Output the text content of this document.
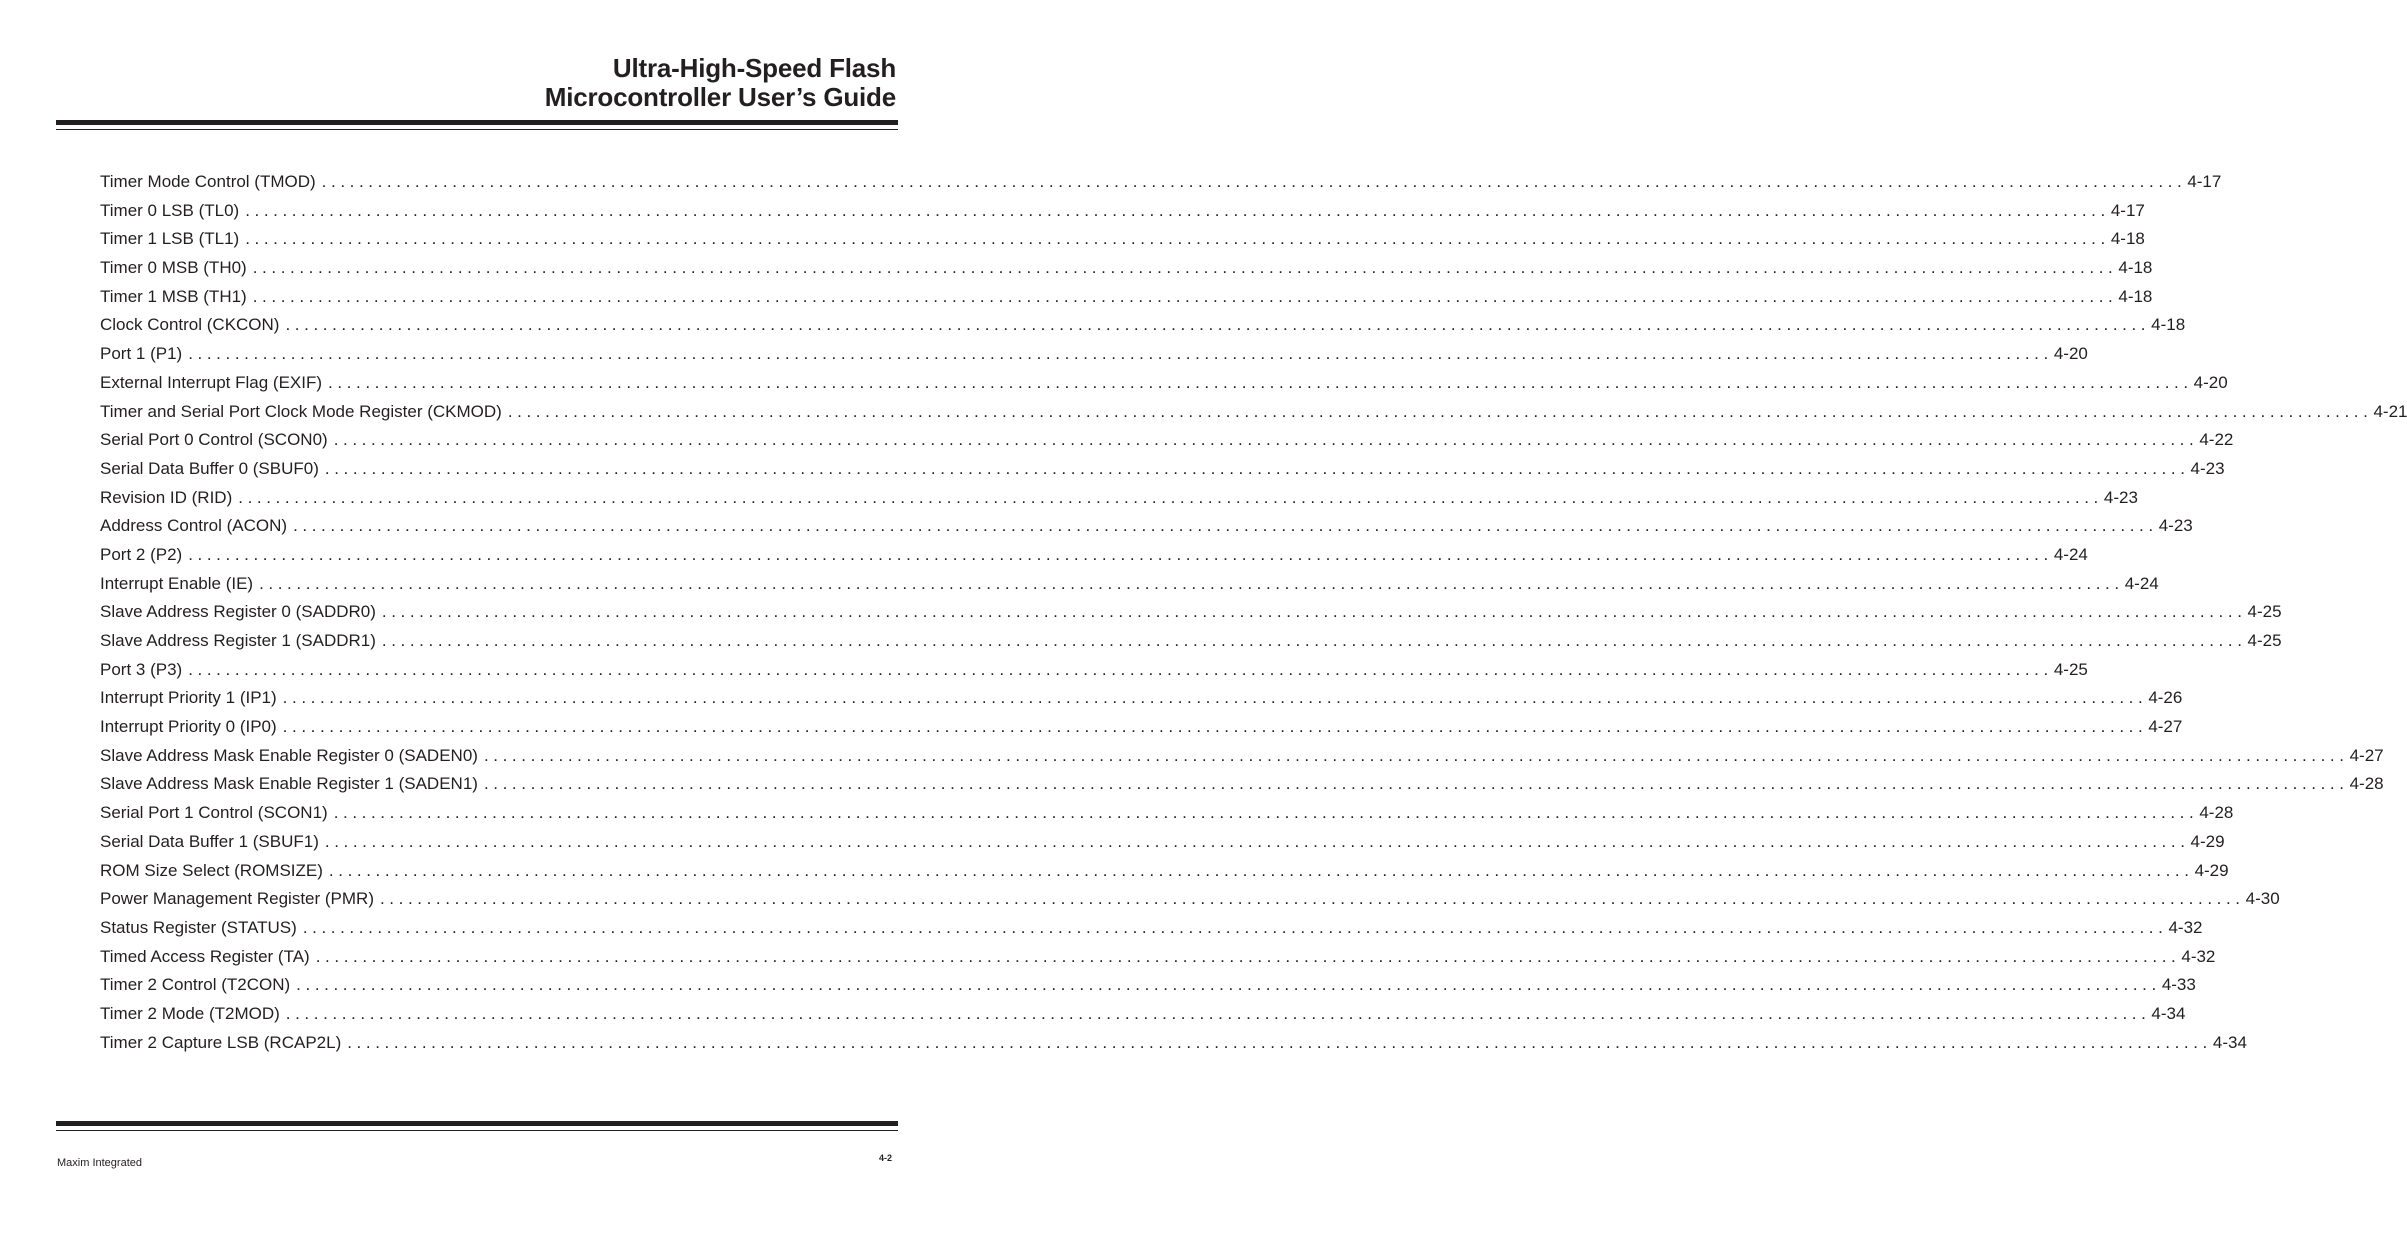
Ultra-High-Speed Flash
Microcontroller User’s Guide
Timer Mode Control (TMOD) ........................................................................................................................................................................................................ 4-17
Timer 0 LSB (TL0) ........................................................................................................................................................................................................ 4-17
Timer 1 LSB (TL1) ........................................................................................................................................................................................................ 4-18
Timer 0 MSB (TH0) ........................................................................................................................................................................................................ 4-18
Timer 1 MSB (TH1) ........................................................................................................................................................................................................ 4-18
Clock Control (CKCON) ........................................................................................................................................................................................................ 4-18
Port 1 (P1) ........................................................................................................................................................................................................ 4-20
External Interrupt Flag (EXIF) ........................................................................................................................................................................................................ 4-20
Timer and Serial Port Clock Mode Register (CKMOD) ........................................................................................................................................................................................................ 4-21
Serial Port 0 Control (SCON0) ........................................................................................................................................................................................................ 4-22
Serial Data Buffer 0 (SBUF0) ........................................................................................................................................................................................................ 4-23
Revision ID (RID) ........................................................................................................................................................................................................ 4-23
Address Control (ACON) ........................................................................................................................................................................................................ 4-23
Port 2 (P2) ........................................................................................................................................................................................................ 4-24
Interrupt Enable (IE) ........................................................................................................................................................................................................ 4-24
Slave Address Register 0 (SADDR0) ........................................................................................................................................................................................................ 4-25
Slave Address Register 1 (SADDR1) ........................................................................................................................................................................................................ 4-25
Port 3 (P3) ........................................................................................................................................................................................................ 4-25
Interrupt Priority 1 (IP1) ........................................................................................................................................................................................................ 4-26
Interrupt Priority 0 (IP0) ........................................................................................................................................................................................................ 4-27
Slave Address Mask Enable Register 0 (SADEN0) ........................................................................................................................................................................................................ 4-27
Slave Address Mask Enable Register 1 (SADEN1) ........................................................................................................................................................................................................ 4-28
Serial Port 1 Control (SCON1) ........................................................................................................................................................................................................ 4-28
Serial Data Buffer 1 (SBUF1) ........................................................................................................................................................................................................ 4-29
ROM Size Select (ROMSIZE) ........................................................................................................................................................................................................ 4-29
Power Management Register (PMR) ........................................................................................................................................................................................................ 4-30
Status Register (STATUS) ........................................................................................................................................................................................................ 4-32
Timed Access Register (TA) ........................................................................................................................................................................................................ 4-32
Timer 2 Control (T2CON) ........................................................................................................................................................................................................ 4-33
Timer 2 Mode (T2MOD) ........................................................................................................................................................................................................ 4-34
Timer 2 Capture LSB (RCAP2L) ........................................................................................................................................................................................................ 4-34
Maxim Integrated	4-2
